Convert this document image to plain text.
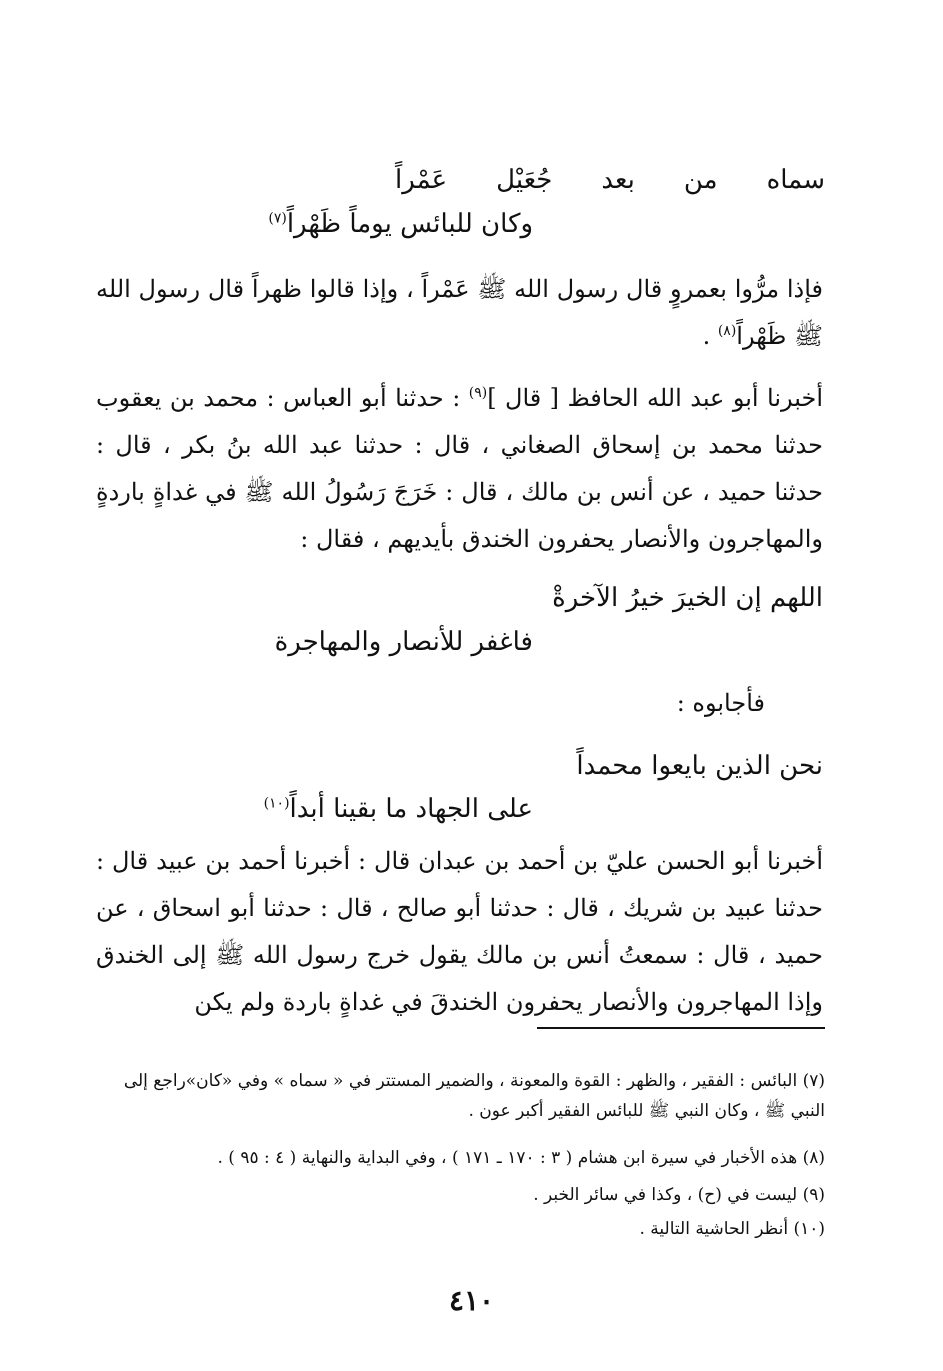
سماه من بعد جُعَيْل عَمْراً
وكان للبائس يوماً ظَهْراً$^{(٧)}$
فإذا مرُّوا بعمروٍ قال رسول الله ﷺ عَمْراً ، وإذا قالوا ظهراً قال رسول الله ﷺ ظَهْراً$^{(٨)}$ .
أخبرنا أبو عبد الله الحافظ [ قال ]$^{(٩)}$ : حدثنا أبو العباس : محمد بن يعقوب حدثنا محمد بن إسحاق الصغاني ، قال : حدثنا عبد الله بنُ بكر ، قال : حدثنا حميد ، عن أنس بن مالك ، قال : خَرَجَ رَسُولُ الله ﷺ في غداةٍ باردةٍ والمهاجرون والأنصار يحفرون الخندق بأيديهم ، فقال :
اللهم إن الخيرَ خيرُ الآخرةْ
فاغفر للأنصار والمهاجرة
فأجابوه :
نحن الذين بايعوا محمداً
على الجهاد ما بقينا أبداً$^{(١٠)}$
أخبرنا أبو الحسن عليّ بن أحمد بن عبدان قال : أخبرنا أحمد بن عبيد قال : حدثنا عبيد بن شريك ، قال : حدثنا أبو صالح ، قال : حدثنا أبو اسحاق ، عن حميد ، قال : سمعتُ أنس بن مالك يقول خرج رسول الله ﷺ إلى الخندق وإذا المهاجرون والأنصار يحفرون الخندقَ في غداةٍ باردة ولم يكن
(٧) البائس : الفقير ، والظهر : القوة والمعونة ، والضمير المستتر في « سماه » وفي «كان»راجع إلى النبي ﷺ ، وكان النبي ﷺ للبائس الفقير أكبر عون .
(٨) هذه الأخبار في سيرة ابن هشام ( ٣ : ١٧٠ ـ ١٧١ ) ، وفي البداية والنهاية ( ٤ : ٩٥ ) .
(٩) ليست في (ح) ، وكذا في سائر الخبر .
(١٠) أنظر الحاشية التالية .
٤١٠
